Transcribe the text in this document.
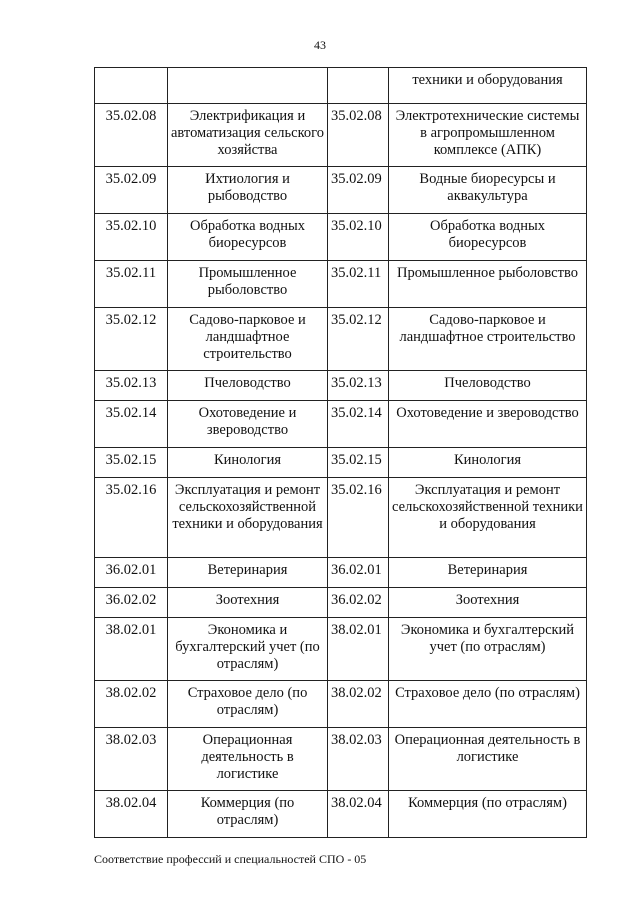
43
			техники и оборудования
35.02.08	Электрификация и автоматизация сельского хозяйства	35.02.08	Электротехнические системы в агропромышленном комплексе (АПК)
35.02.09	Ихтиология и рыбоводство	35.02.09	Водные биоресурсы и аквакультура
35.02.10	Обработка водных биоресурсов	35.02.10	Обработка водных биоресурсов
35.02.11	Промышленное рыболовство	35.02.11	Промышленное рыболовство
35.02.12	Садово-парковое и ландшафтное строительство	35.02.12	Садово-парковое и ландшафтное строительство
35.02.13	Пчеловодство	35.02.13	Пчеловодство
35.02.14	Охотоведение и звероводство	35.02.14	Охотоведение и звероводство
35.02.15	Кинология	35.02.15	Кинология
35.02.16	Эксплуатация и ремонт сельскохозяйственной техники и оборудования	35.02.16	Эксплуатация и ремонт сельскохозяйственной техники и оборудования
36.02.01	Ветеринария	36.02.01	Ветеринария
36.02.02	Зоотехния	36.02.02	Зоотехния
38.02.01	Экономика и бухгалтерский учет (по отраслям)	38.02.01	Экономика и бухгалтерский учет (по отраслям)
38.02.02	Страховое дело (по отраслям)	38.02.02	Страховое дело (по отраслям)
38.02.03	Операционная деятельность в логистике	38.02.03	Операционная деятельность в логистике
38.02.04	Коммерция (по отраслям)	38.02.04	Коммерция (по отраслям)
Соответствие профессий и специальностей СПО - 05
